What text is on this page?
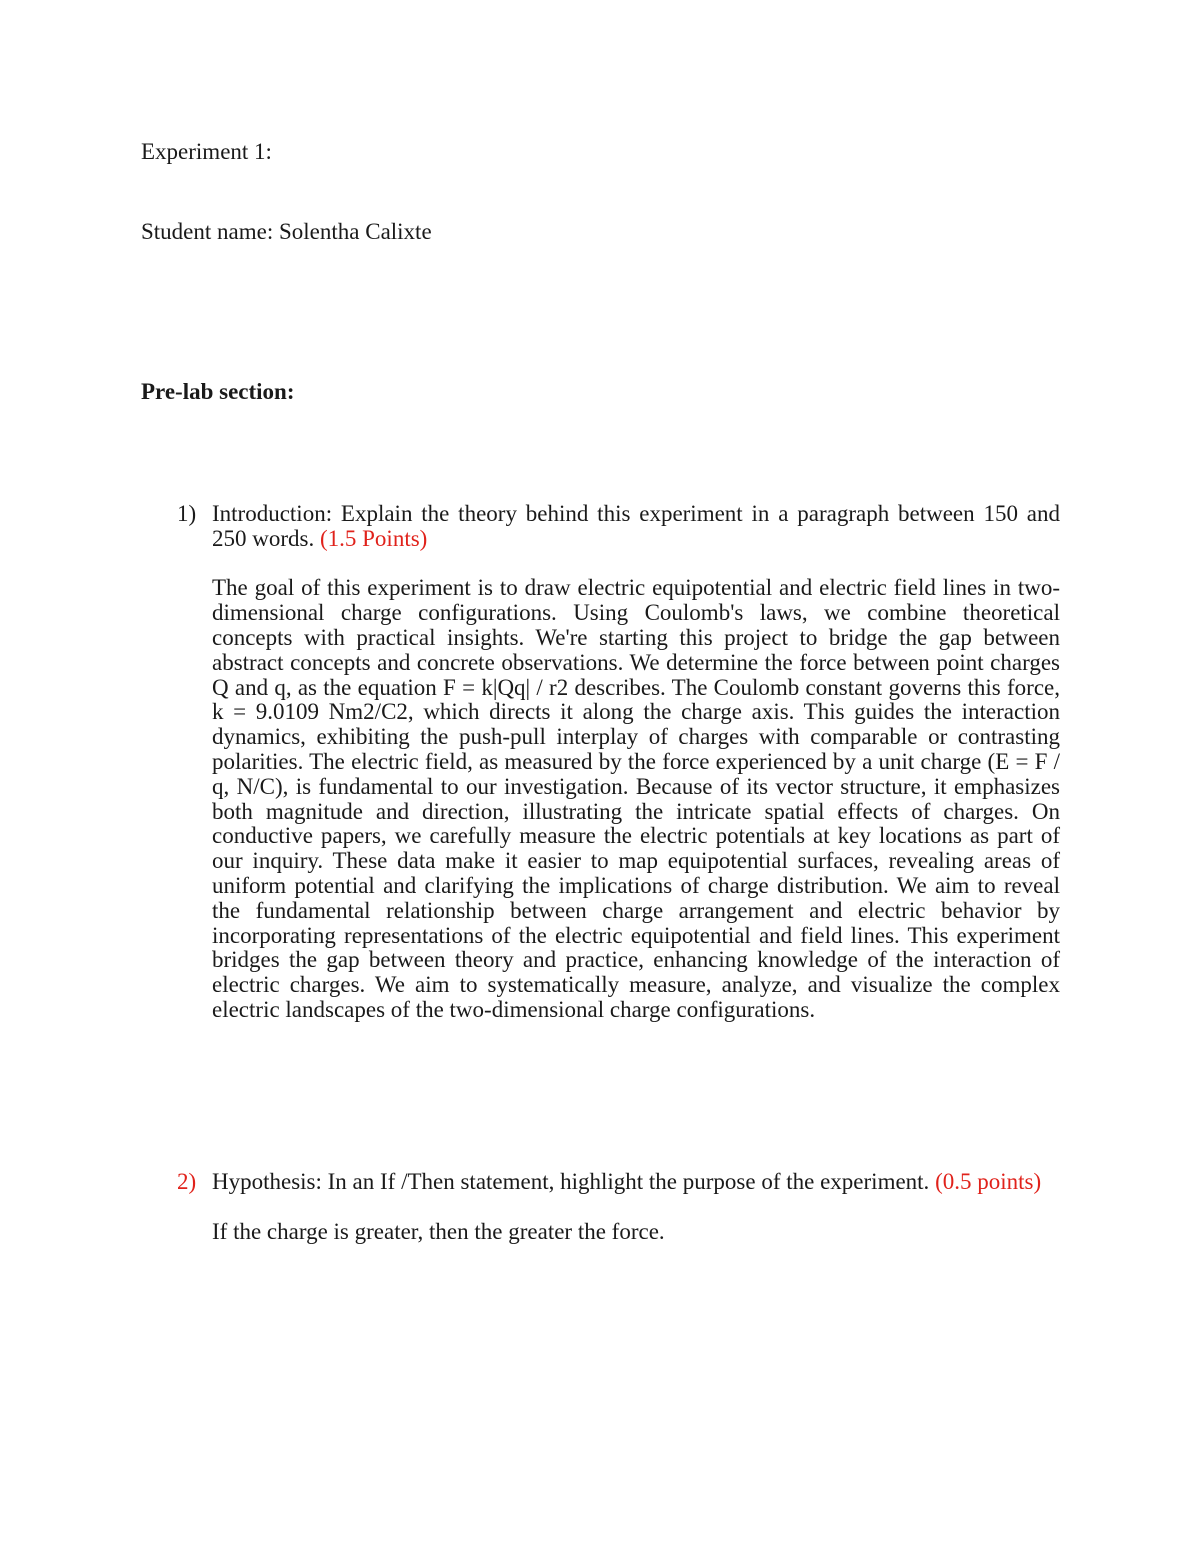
Experiment 1:
Student name: Solentha Calixte
Pre-lab section:
1) Introduction: Explain the theory behind this experiment in a paragraph between 150 and 250 words. (1.5 Points)

The goal of this experiment is to draw electric equipotential and electric field lines in two-dimensional charge configurations. Using Coulomb's laws, we combine theoretical concepts with practical insights. We're starting this project to bridge the gap between abstract concepts and concrete observations. We determine the force between point charges Q and q, as the equation F = k|Qq| / r2 describes. The Coulomb constant governs this force, k = 9.0109 Nm2/C2, which directs it along the charge axis. This guides the interaction dynamics, exhibiting the push-pull interplay of charges with comparable or contrasting polarities. The electric field, as measured by the force experienced by a unit charge (E = F / q, N/C), is fundamental to our investigation. Because of its vector structure, it emphasizes both magnitude and direction, illustrating the intricate spatial effects of charges. On conductive papers, we carefully measure the electric potentials at key locations as part of our inquiry. These data make it easier to map equipotential surfaces, revealing areas of uniform potential and clarifying the implications of charge distribution. We aim to reveal the fundamental relationship between charge arrangement and electric behavior by incorporating representations of the electric equipotential and field lines. This experiment bridges the gap between theory and practice, enhancing knowledge of the interaction of electric charges. We aim to systematically measure, analyze, and visualize the complex electric landscapes of the two-dimensional charge configurations.

2) Hypothesis: In an If /Then statement, highlight the purpose of the experiment. (0.5 points)

If the charge is greater, then the greater the force.
